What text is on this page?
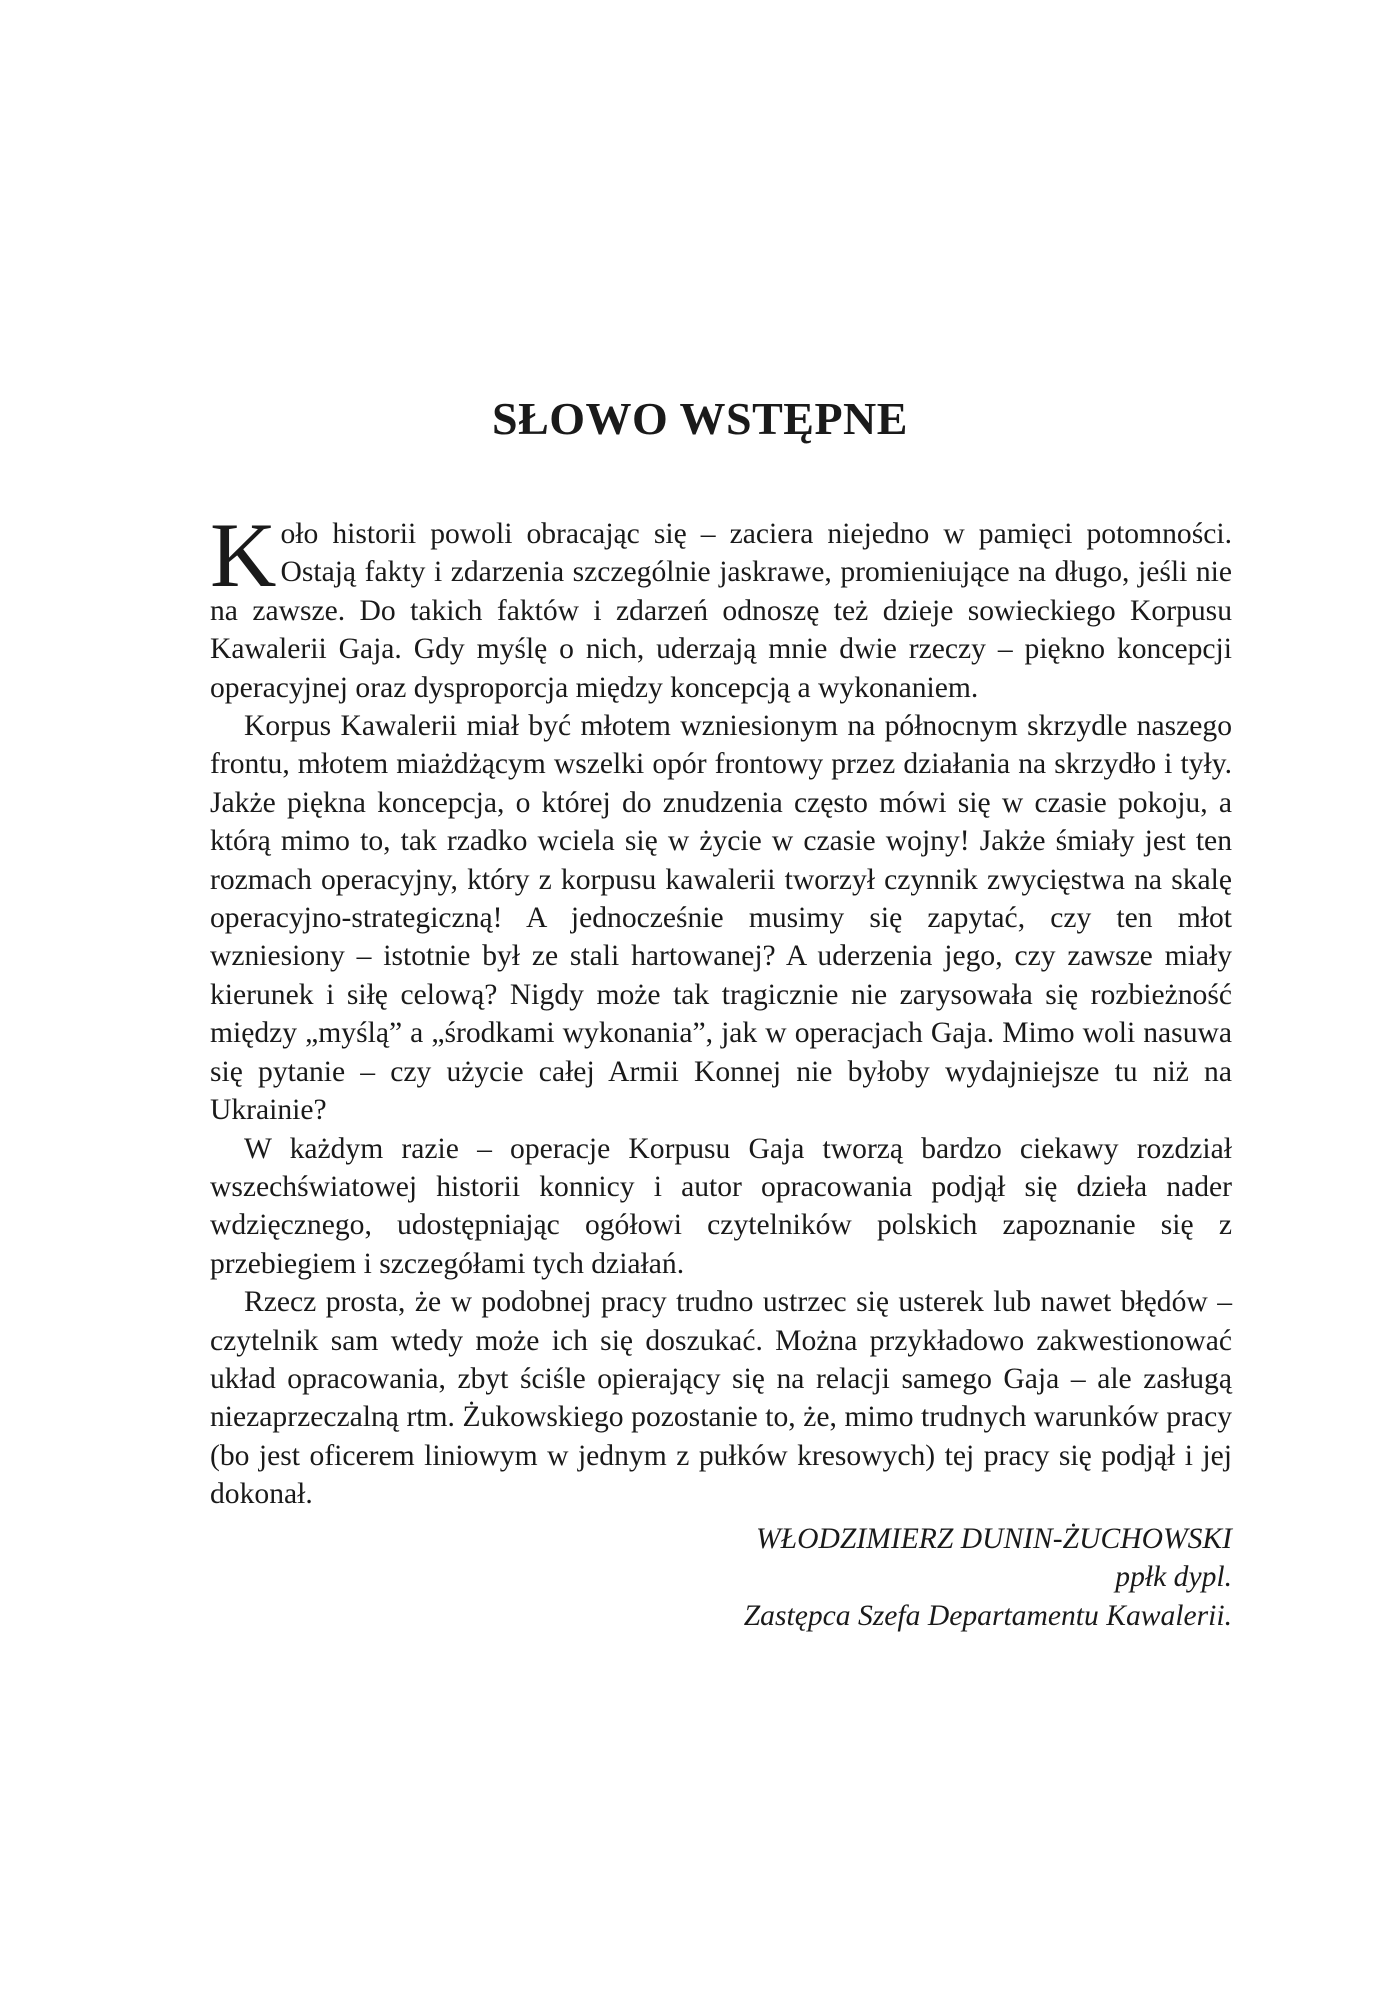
SŁOWO WSTĘPNE

Koło historii powoli obracając się – zaciera niejedno w pamięci potomności. Ostają fakty i zdarzenia szczególnie jaskrawe, promieniujące na długo, jeśli nie na zawsze. Do takich faktów i zdarzeń odnoszę też dzieje sowieckiego Korpusu Kawalerii Gaja. Gdy myślę o nich, uderzają mnie dwie rzeczy – piękno koncepcji operacyjnej oraz dysproporcja między koncepcją a wykonaniem.

Korpus Kawalerii miał być młotem wzniesionym na północnym skrzydle naszego frontu, młotem miażdżącym wszelki opór frontowy przez działania na skrzydło i tyły. Jakże piękna koncepcja, o której do znudzenia często mówi się w czasie pokoju, a którą mimo to, tak rzadko wciela się w życie w czasie wojny! Jakże śmiały jest ten rozmach operacyjny, który z korpusu kawalerii tworzył czynnik zwycięstwa na skalę operacyjno-strategiczną! A jednocześnie musimy się zapytać, czy ten młot wzniesiony – istotnie był ze stali hartowanej? A uderzenia jego, czy zawsze miały kierunek i siłę celową? Nigdy może tak tragicznie nie zarysowała się rozbieżność między „myślą” a „środkami wykonania”, jak w operacjach Gaja. Mimo woli nasuwa się pytanie – czy użycie całej Armii Konnej nie byłoby wydajniejsze tu niż na Ukrainie?

W każdym razie – operacje Korpusu Gaja tworzą bardzo ciekawy rozdział wszechświatowej historii konnicy i autor opracowania podjął się dzieła nader wdzięcznego, udostępniając ogółowi czytelników polskich zapoznanie się z przebiegiem i szczegółami tych działań.

Rzecz prosta, że w podobnej pracy trudno ustrzec się usterek lub nawet błędów – czytelnik sam wtedy może ich się doszukać. Można przykładowo zakwestionować układ opracowania, zbyt ściśle opierający się na relacji samego Gaja – ale zasługą niezaprzeczalną rtm. Żukowskiego pozostanie to, że, mimo trudnych warunków pracy (bo jest oficerem liniowym w jednym z pułków kresowych) tej pracy się podjął i jej dokonał.

WŁODZIMIERZ DUNIN-ŻUCHOWSKI
ppłk dypl.
Zastępca Szefa Departamentu Kawalerii.
